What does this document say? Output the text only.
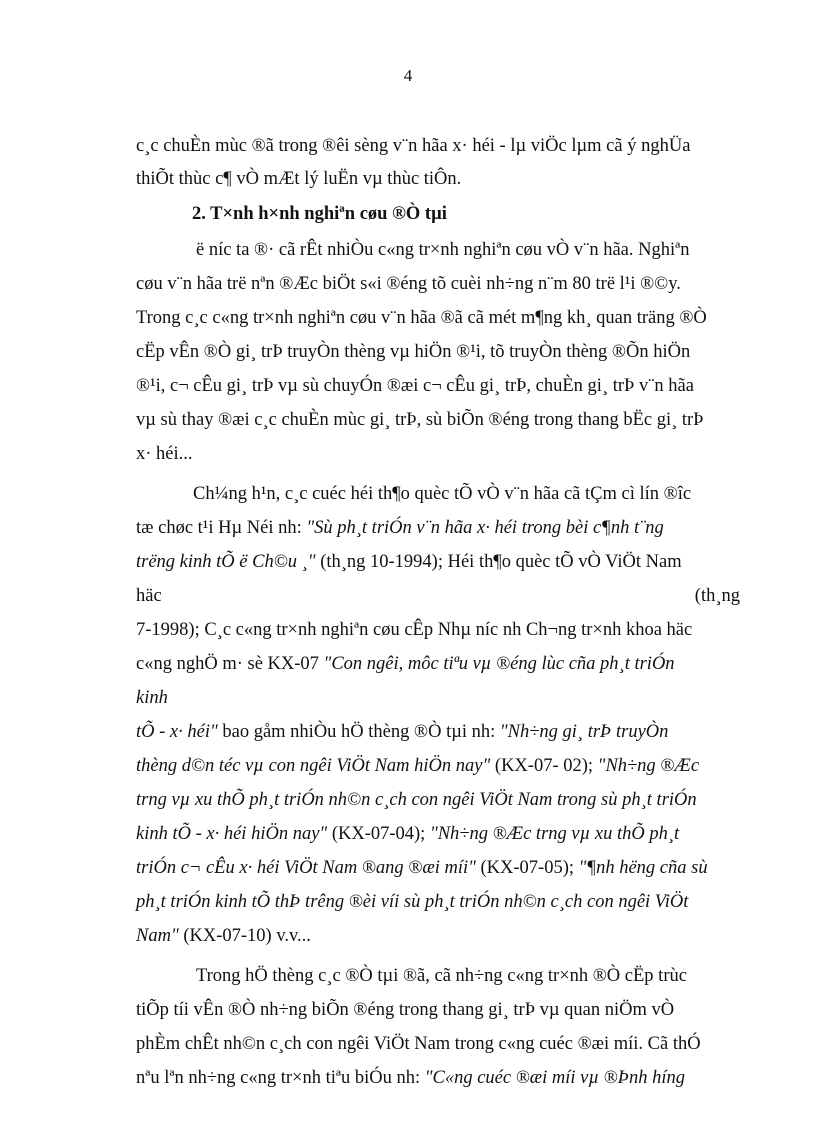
4
c¸c chuÈn mùc ®ã trong ®êi sèng v¨n hãa x· héi - lµ viÖc lµm cã ý nghÜa
thiÕt thùc c¶ vÒ mÆt lý luËn vµ thùc tiÔn.
2. T×nh h×nh nghiªn cøu ®Ò tµi
ë níc ta ®· cã rÊt nhiÒu c«ng tr×nh nghiªn cøu vÒ v¨n hãa. Nghiªn
cøu v¨n hãa trë nªn ®Æc biÖt s«i ®éng tõ cuèi nh÷ng n¨m 80 trë l¹i ®©y.
Trong c¸c c«ng tr×nh nghiªn cøu v¨n hãa ®ã cã mét m¶ng kh¸ quan träng ®Ò
cËp vÊn ®Ò gi¸ trÞ truyÒn thèng vµ hiÖn ®¹i, tõ truyÒn thèng ®Õn hiÖn
®¹i, c¬ cÊu gi¸ trÞ vµ sù chuyÓn ®æi c¬ cÊu gi¸ trÞ, chuÈn gi¸ trÞ v¨n hãa
vµ sù thay ®æi c¸c chuÈn mùc gi¸ trÞ, sù biÕn ®éng trong thang bËc gi¸ trÞ
x· héi...
Ch¼ng h¹n, c¸c cuéc héi th¶o quèc tÕ vÒ v¨n hãa cã tÇm cì lín ®îc
tæ chøc t¹i Hµ Néi nh: "Sù ph¸t triÓn v¨n hãa x· héi trong bèi c¶nh t¨ng
trëng kinh tÕ ë Ch©u ¸" (th¸ng 10-1994); Héi th¶o quèc tÕ vÒ ViÖt Nam
häc	(th¸ng
7-1998); C¸c c«ng tr×nh nghiªn cøu cÊp Nhµ níc nh Ch¬ng tr×nh khoa häc
c«ng nghÖ m· sè KX-07 "Con ngêi, môc tiªu vµ ®éng lùc cña ph¸t triÓn
kinh
tÕ - x· héi" bao gåm nhiÒu hÖ thèng ®Ò tµi nh: "Nh÷ng gi¸ trÞ truyÒn
thèng d©n téc vµ con ngêi ViÖt Nam hiÖn nay" (KX-07- 02); "Nh÷ng ®Æc
trng vµ xu thÕ ph¸t triÓn nh©n c¸ch con ngêi ViÖt Nam trong sù ph¸t triÓn
kinh tÕ - x· héi hiÖn nay" (KX-07-04); "Nh÷ng ®Æc trng vµ xu thÕ ph¸t
triÓn c¬ cÊu x· héi ViÖt Nam ®ang ®æi míi" (KX-07-05); "¶nh hëng cña sù
ph¸t triÓn kinh tÕ thÞ trêng ®èi víi sù ph¸t triÓn nh©n c¸ch con ngêi ViÖt
Nam" (KX-07-10) v.v...
Trong hÖ thèng c¸c ®Ò tµi ®ã, cã nh÷ng c«ng tr×nh ®Ò cËp trùc
tiÕp tíi vÊn ®Ò nh÷ng biÕn ®éng trong thang gi¸ trÞ vµ quan niÖm vÒ
phÈm chÊt nh©n c¸ch con ngêi ViÖt Nam trong c«ng cuéc ®æi míi. Cã thÓ
nªu lªn nh÷ng c«ng tr×nh tiªu biÓu nh: "C«ng cuéc ®æi míi vµ ®Þnh híng
